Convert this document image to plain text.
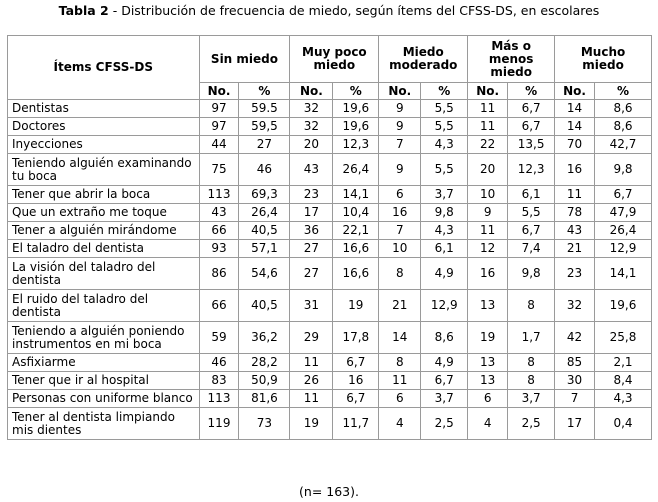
Tabla 2 - Distribución de frecuencia de miedo, según ítems del CFSS-DS, en escolares
Ítems CFSS-DS	Sin miedo		Muy poco miedo		Miedo moderado		Más o menos miedo		Mucho miedo	
	No.	%	No.	%	No.	%	No.	%	No.	%
Dentistas	97	59.5	32	19,6	9	5,5	11	6,7	14	8,6
Doctores	97	59,5	32	19,6	9	5,5	11	6,7	14	8,6
Inyecciones	44	27	20	12,3	7	4,3	22	13,5	70	42,7
Teniendo alguién examinando tu boca	75	46	43	26,4	9	5,5	20	12,3	16	9,8
Tener que abrir la boca	113	69,3	23	14,1	6	3,7	10	6,1	11	6,7
Que un extraño me toque	43	26,4	17	10,4	16	9,8	9	5,5	78	47,9
Tener a alguién mirándome	66	40,5	36	22,1	7	4,3	11	6,7	43	26,4
El taladro del dentista	93	57,1	27	16,6	10	6,1	12	7,4	21	12,9
La visión del taladro del dentista	86	54,6	27	16,6	8	4,9	16	9,8	23	14,1
El ruido del taladro del dentista	66	40,5	31	19	21	12,9	13	8	32	19,6
Teniendo a alguién poniendo instrumentos en mi boca	59	36,2	29	17,8	14	8,6	19	1,7	42	25,8
Asfixiarme	46	28,2	11	6,7	8	4,9	13	8	85	2,1
Tener que ir al hospital	83	50,9	26	16	11	6,7	13	8	30	8,4
Personas con uniforme blanco	113	81,6	11	6,7	6	3,7	6	3,7	7	4,3
Tener al dentista limpiando mis dientes	119	73	19	11,7	4	2,5	4	2,5	17	0,4
(n= 163).
